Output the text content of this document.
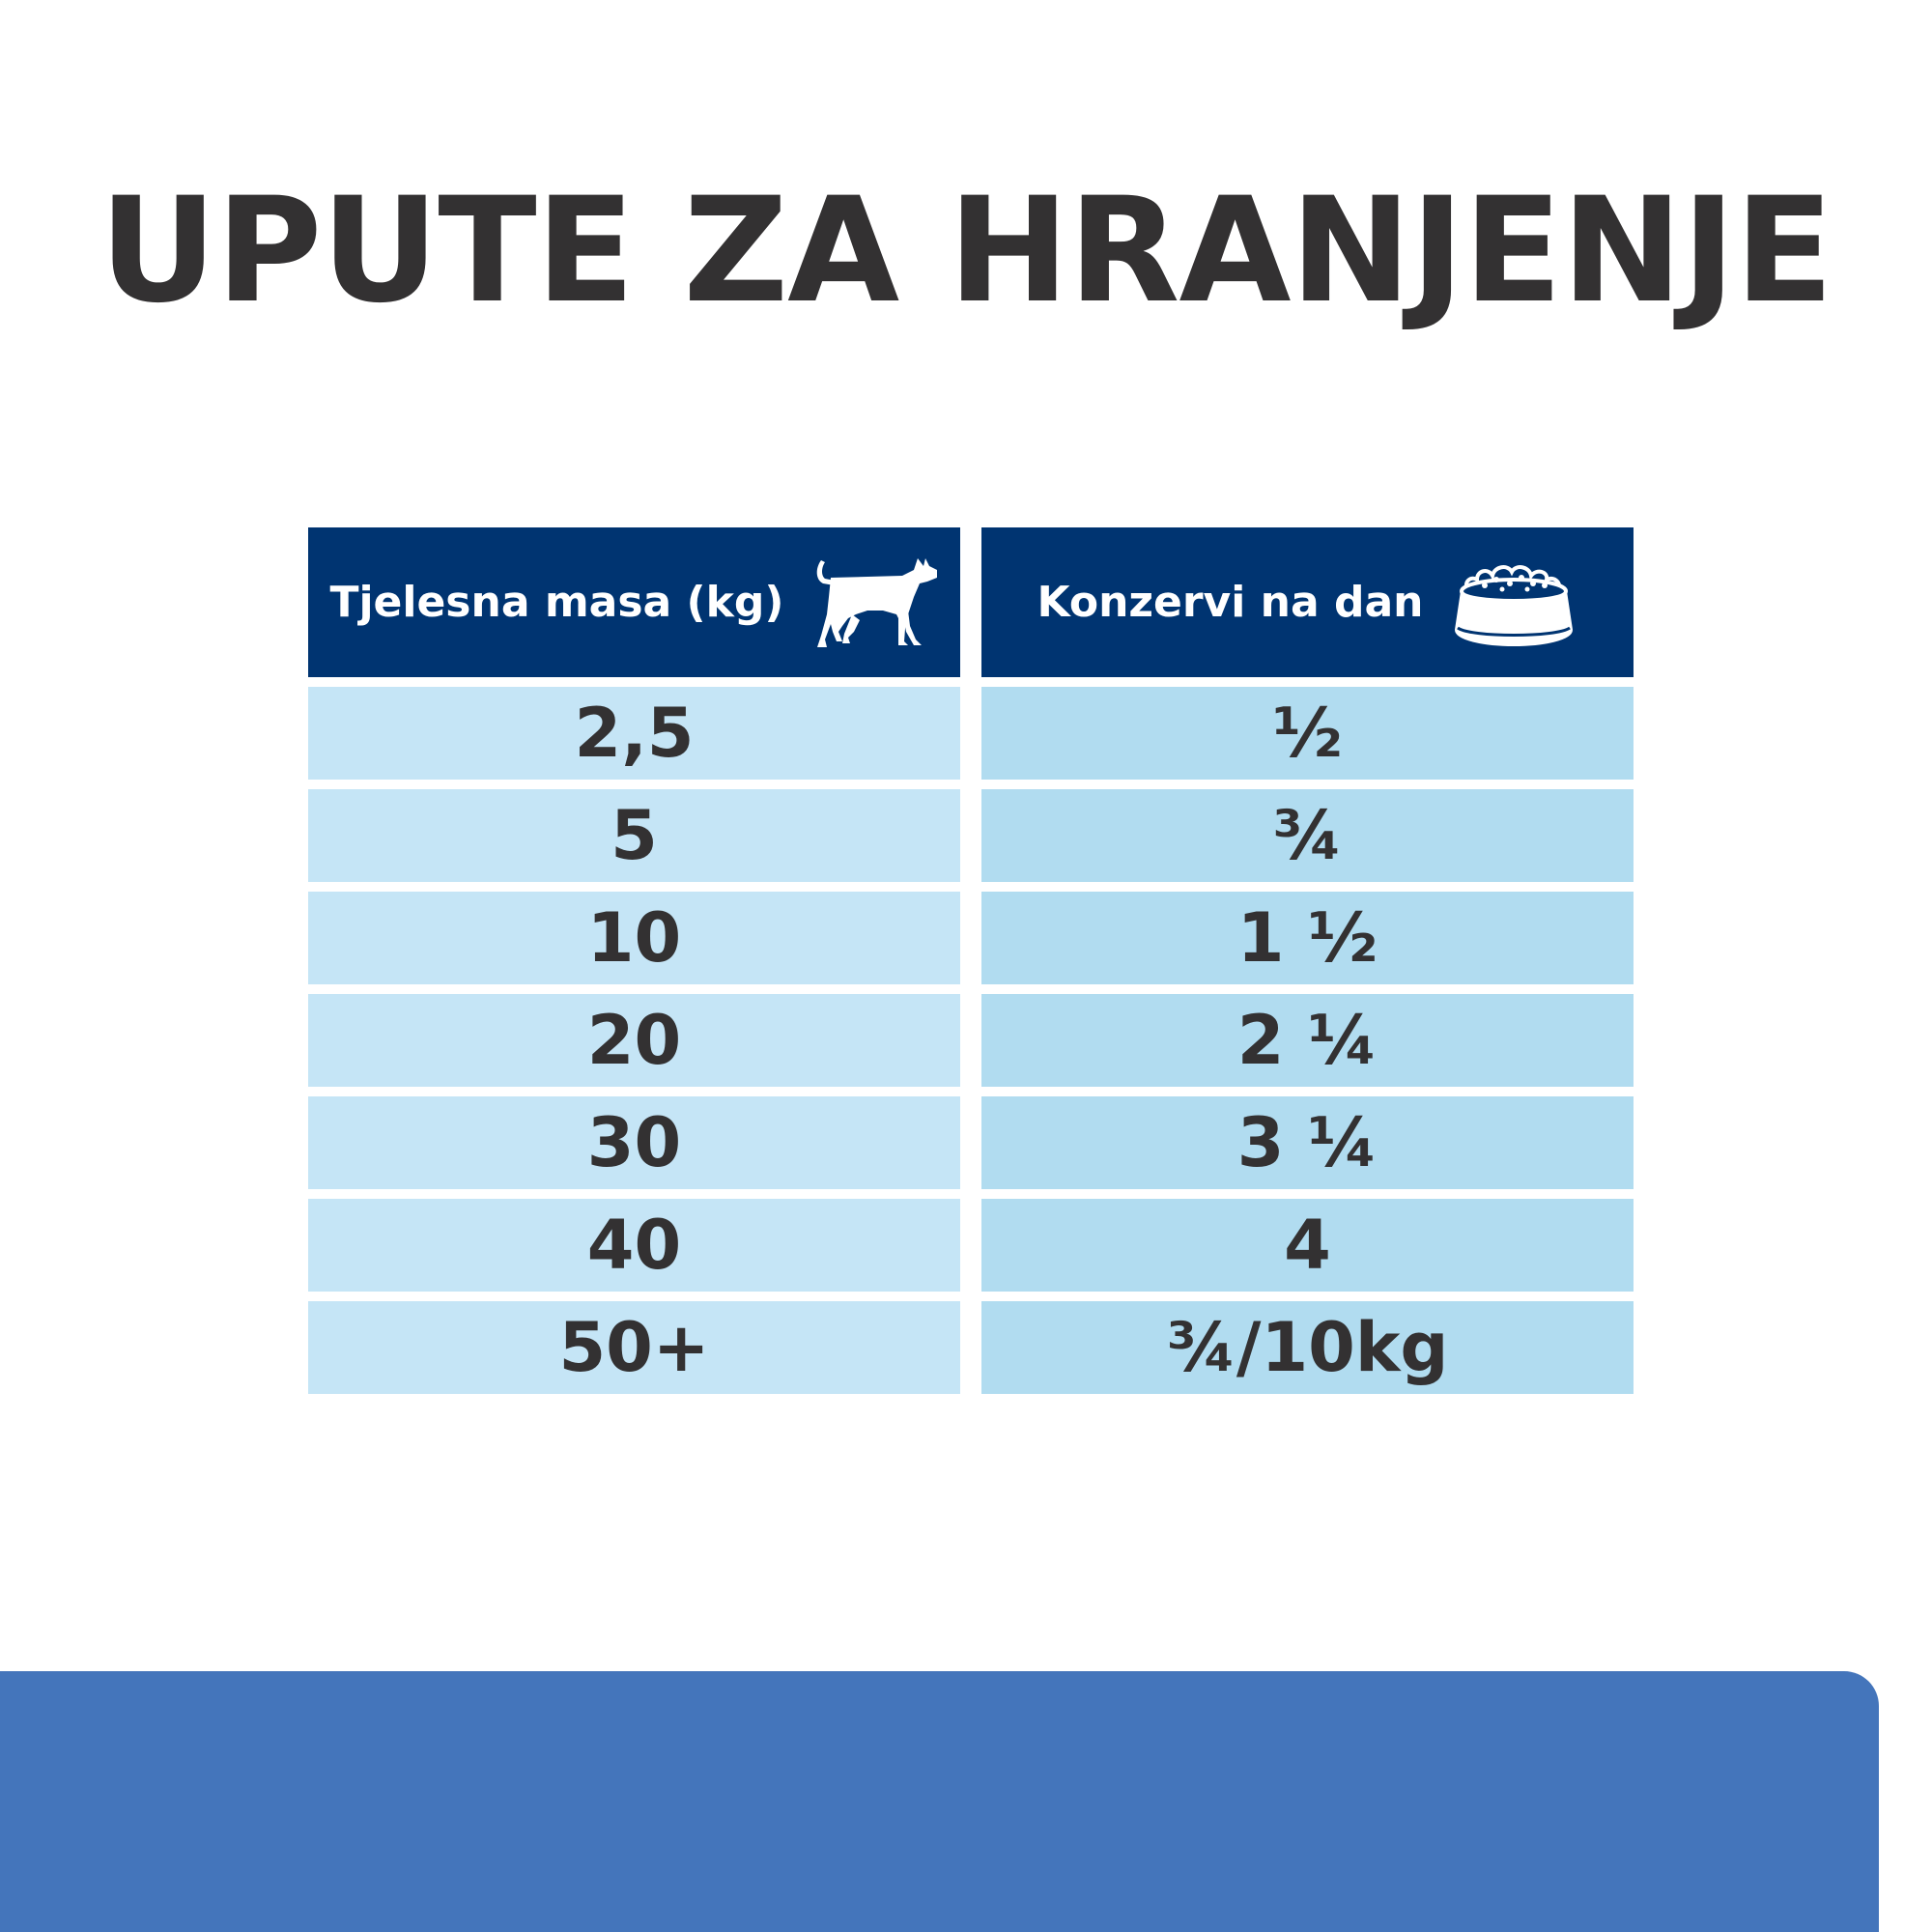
UPUTE ZA HRANJENJE
Tjelesna masa (kg)	Konzervi na dan
2,5	½
5	¾
10	1 ½
20	2 ¼
30	3 ¼
40	4
50+	¾/10kg
